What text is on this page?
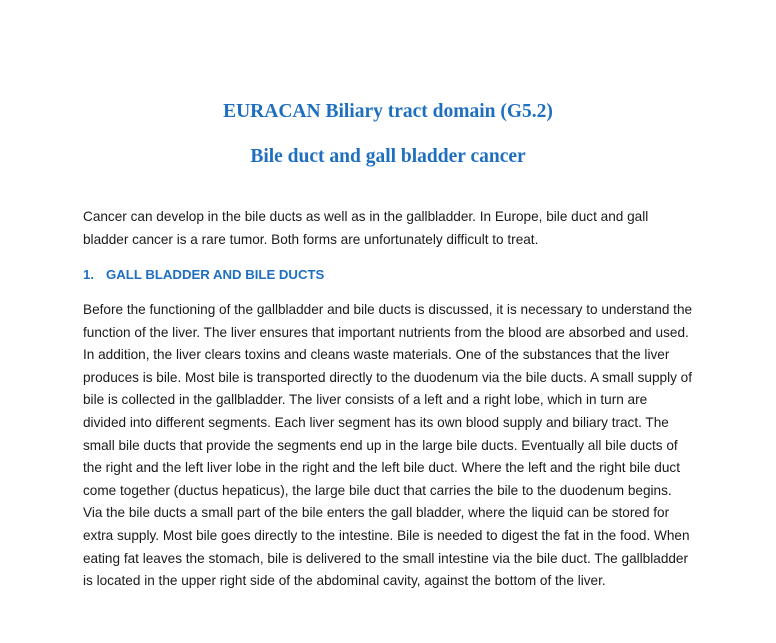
EURACAN Biliary tract domain (G5.2)
Bile duct and gall bladder cancer

Cancer can develop in the bile ducts as well as in the gallbladder. In Europe, bile duct and gall bladder cancer is a rare tumor. Both forms are unfortunately difficult to treat.

1. GALL BLADDER AND BILE DUCTS

Before the functioning of the gallbladder and bile ducts is discussed, it is necessary to understand the function of the liver. The liver ensures that important nutrients from the blood are absorbed and used. In addition, the liver clears toxins and cleans waste materials. One of the substances that the liver produces is bile. Most bile is transported directly to the duodenum via the bile ducts. A small supply of bile is collected in the gallbladder. The liver consists of a left and a right lobe, which in turn are divided into different segments. Each liver segment has its own blood supply and biliary tract. The small bile ducts that provide the segments end up in the large bile ducts. Eventually all bile ducts of the right and the left liver lobe in the right and the left bile duct. Where the left and the right bile duct come together (ductus hepaticus), the large bile duct that carries the bile to the duodenum begins. Via the bile ducts a small part of the bile enters the gall bladder, where the liquid can be stored for extra supply. Most bile goes directly to the intestine. Bile is needed to digest the fat in the food. When eating fat leaves the stomach, bile is delivered to the small intestine via the bile duct. The gallbladder is located in the upper right side of the abdominal cavity, against the bottom of the liver.
